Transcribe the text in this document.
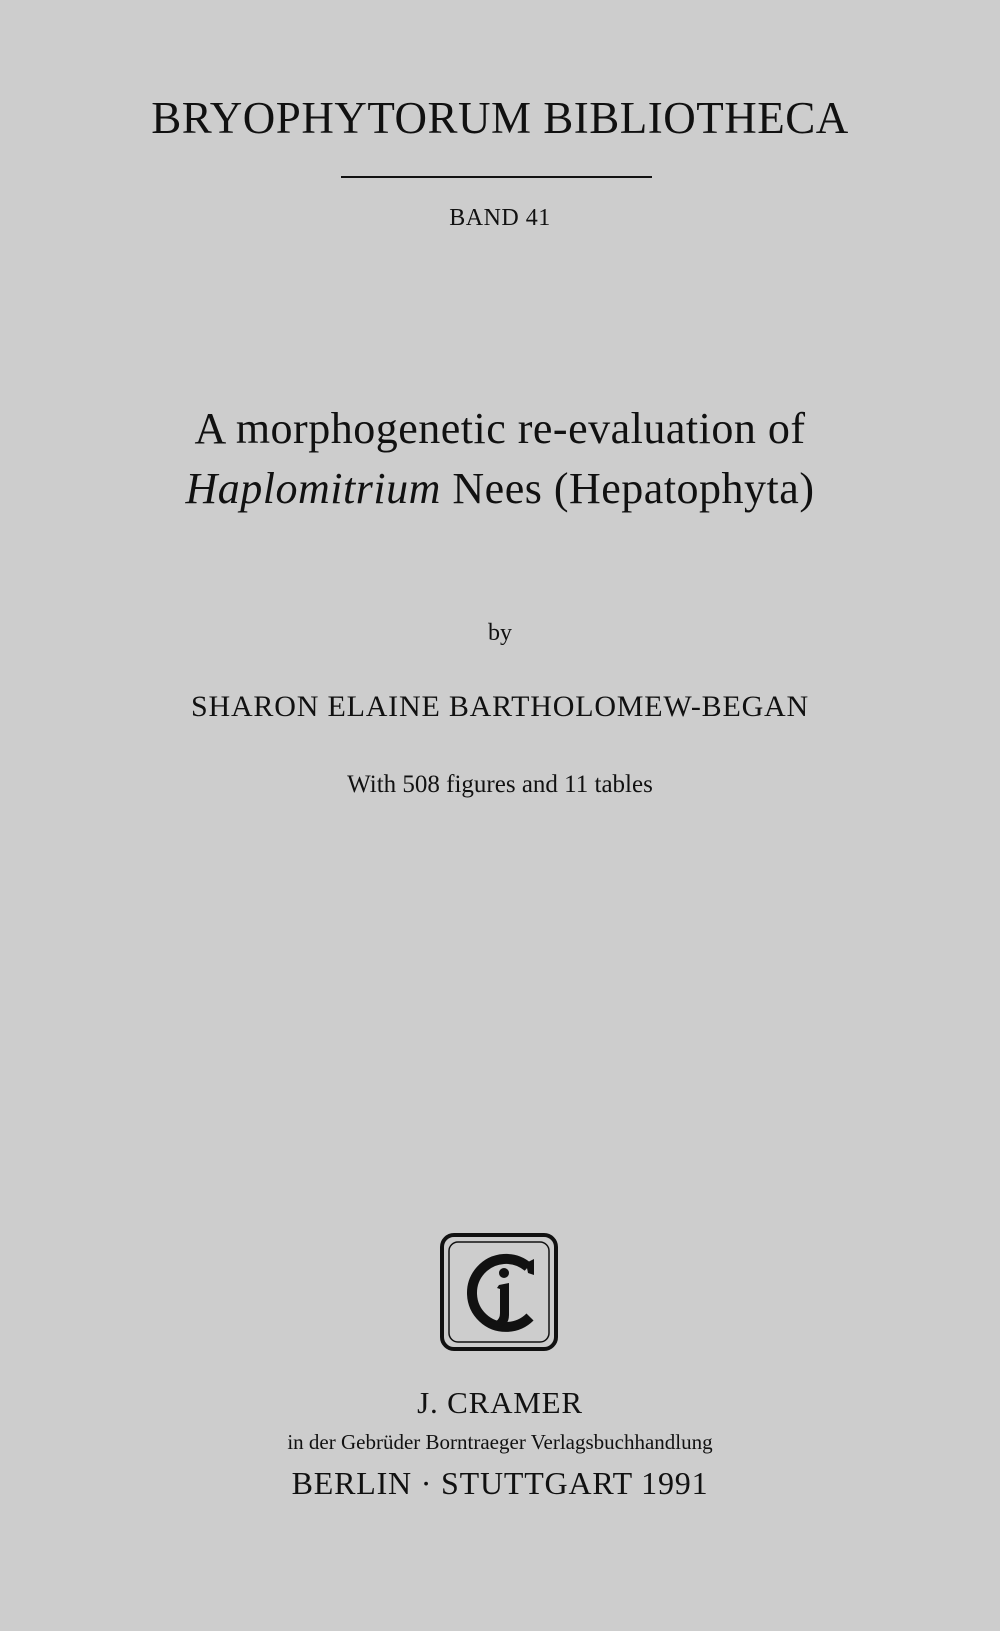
BRYOPHYTORUM BIBLIOTHECA
BAND 41
A morphogenetic re-evaluation of
Haplomitrium Nees (Hepatophyta)
by
SHARON ELAINE BARTHOLOMEW-BEGAN
With 508 figures and 11 tables
J. CRAMER
in der Gebrüder Borntraeger Verlagsbuchhandlung
BERLIN · STUTTGART 1991
